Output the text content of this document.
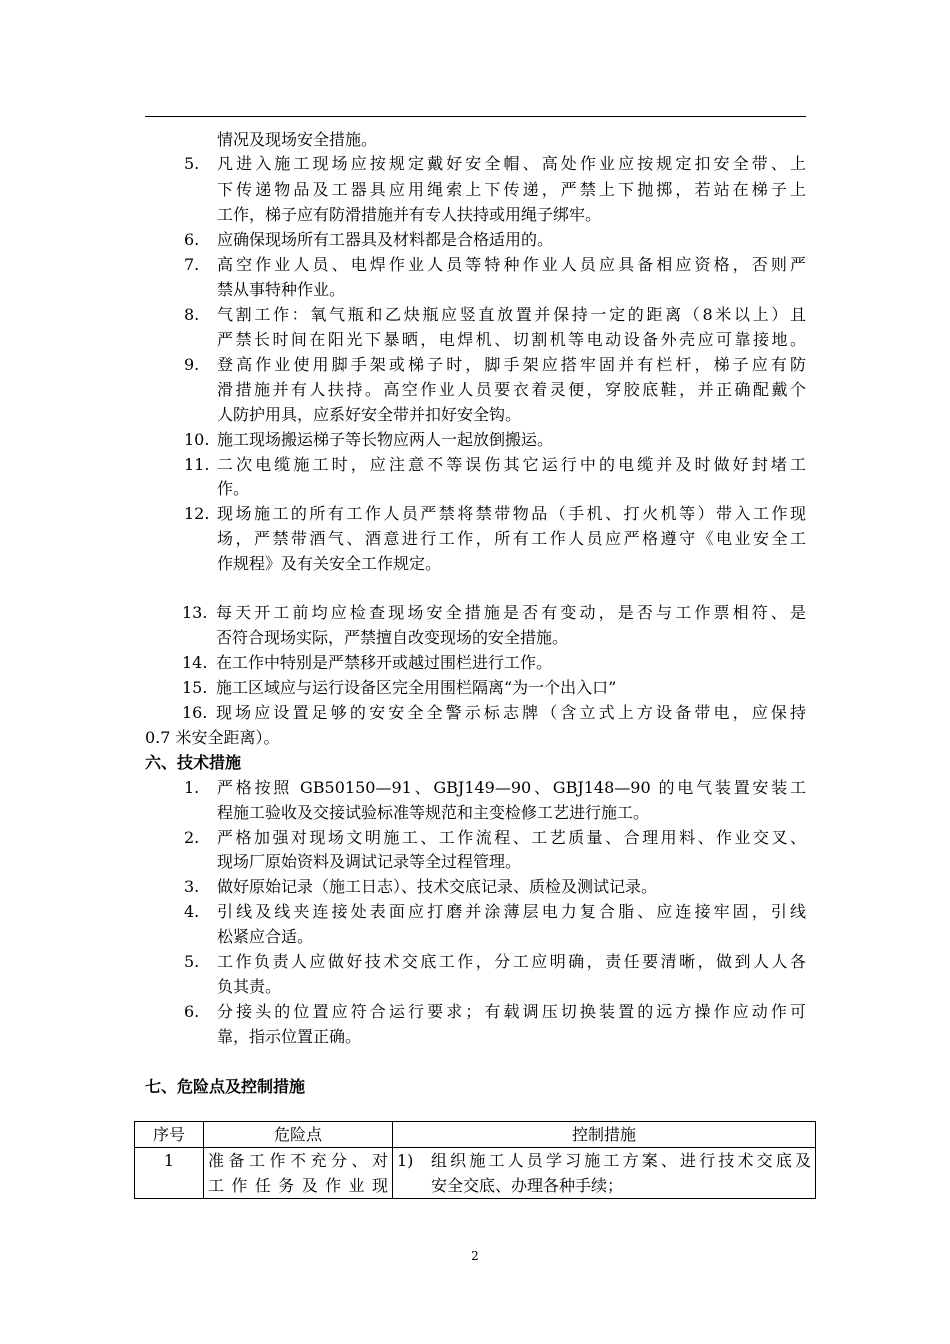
情况及现场安全措施。
5. 凡进入施工现场应按规定戴好安全帽、高处作业应按规定扣安全带、上
下传递物品及工器具应用绳索上下传递，严禁上下抛掷，若站在梯子上
工作，梯子应有防滑措施并有专人扶持或用绳子绑牢。
6. 应确保现场所有工器具及材料都是合格适用的。
7. 高空作业人员、电焊作业人员等特种作业人员应具备相应资格，否则严
禁从事特种作业。
8. 气割工作：氧气瓶和乙炔瓶应竖直放置并保持一定的距离（8米以上）且
严禁长时间在阳光下暴晒，电焊机、切割机等电动设备外壳应可靠接地。
9. 登高作业使用脚手架或梯子时，脚手架应搭牢固并有栏杆，梯子应有防
滑措施并有人扶持。高空作业人员要衣着灵便，穿胶底鞋，并正确配戴个
人防护用具，应系好安全带并扣好安全钩。
10. 施工现场搬运梯子等长物应两人一起放倒搬运。
11. 二次电缆施工时，应注意不等误伤其它运行中的电缆并及时做好封堵工
作。
12. 现场施工的所有工作人员严禁将禁带物品（手机、打火机等）带入工作现
场，严禁带酒气、酒意进行工作，所有工作人员应严格遵守《电业安全工
作规程》及有关安全工作规定。
13. 每天开工前均应检查现场安全措施是否有变动，是否与工作票相符、是
否符合现场实际，严禁擅自改变现场的安全措施。
14. 在工作中特别是严禁移开或越过围栏进行工作。
15. 施工区域应与运行设备区完全用围栏隔离“为一个出入口”
16. 现场应设置足够的安安全全警示标志牌（含立式上方设备带电，应保持
0.7 米安全距离）。
六、技术措施
1. 严格按照 GB50150—91、GBJ149—90、GBJ148—90 的电气装置安装工
程施工验收及交接试验标准等规范和主变检修工艺进行施工。
2. 严格加强对现场文明施工、工作流程、工艺质量、合理用料、作业交叉、
现场厂原始资料及调试记录等全过程管理。
3. 做好原始记录（施工日志）、技术交底记录、质检及测试记录。
4. 引线及线夹连接处表面应打磨并涂薄层电力复合脂、应连接牢固，引线
松紧应合适。
5. 工作负责人应做好技术交底工作，分工应明确，责任要清晰，做到人人各
负其责。
6. 分接头的位置应符合运行要求；有载调压切换装置的远方操作应动作可
靠，指示位置正确。
七、危险点及控制措施
序号	危险点	控制措施
1	准备工作不充分、对
工作任务及作业现	1) 组织施工人员学习施工方案、进行技术交底及
安全交底、办理各种手续；
2
